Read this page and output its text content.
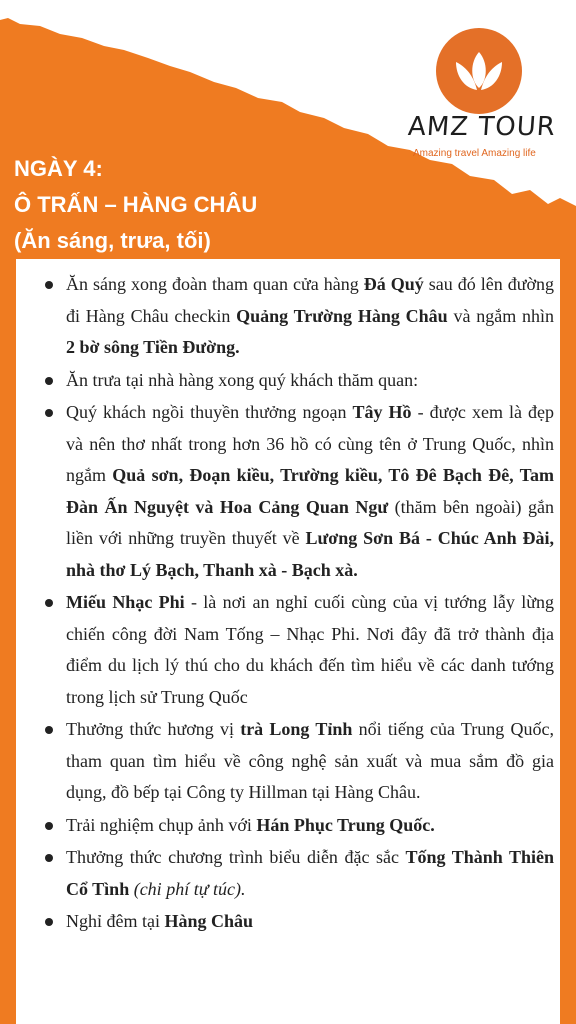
AMZ TOUR
Amazing travel Amazing life
NGÀY 4:
Ô TRẤN – HÀNG CHÂU
(Ăn sáng, trưa, tối)
Ăn sáng xong đoàn tham quan cửa hàng Đá Quý sau đó lên đường đi Hàng Châu checkin Quảng Trường Hàng Châu và ngắm nhìn 2 bờ sông Tiền Đường.
Ăn trưa tại nhà hàng xong quý khách thăm quan:
Quý khách ngồi thuyền thưởng ngoạn Tây Hồ - được xem là đẹp và nên thơ nhất trong hơn 36 hồ có cùng tên ở Trung Quốc, nhìn ngắm Quả sơn, Đoạn kiều, Trường kiều, Tô Đê Bạch Đê, Tam Đàn Ấn Nguyệt và Hoa Cảng Quan Ngư (thăm bên ngoài) gắn liền với những truyền thuyết về Lương Sơn Bá - Chúc Anh Đài, nhà thơ Lý Bạch, Thanh xà - Bạch xà.
Miếu Nhạc Phi - là nơi an nghỉ cuối cùng của vị tướng lẫy lừng chiến công đời Nam Tống – Nhạc Phi. Nơi đây đã trở thành địa điểm du lịch lý thú cho du khách đến tìm hiểu về các danh tướng trong lịch sử Trung Quốc
Thưởng thức hương vị trà Long Tỉnh nổi tiếng của Trung Quốc, tham quan tìm hiểu về công nghệ sản xuất và mua sắm đồ gia dụng, đồ bếp tại Công ty Hillman tại Hàng Châu.
Trải nghiệm chụp ảnh với Hán Phục Trung Quốc.
Thưởng thức chương trình biểu diễn đặc sắc Tống Thành Thiên Cổ Tình (chi phí tự túc).
Nghỉ đêm tại Hàng Châu
